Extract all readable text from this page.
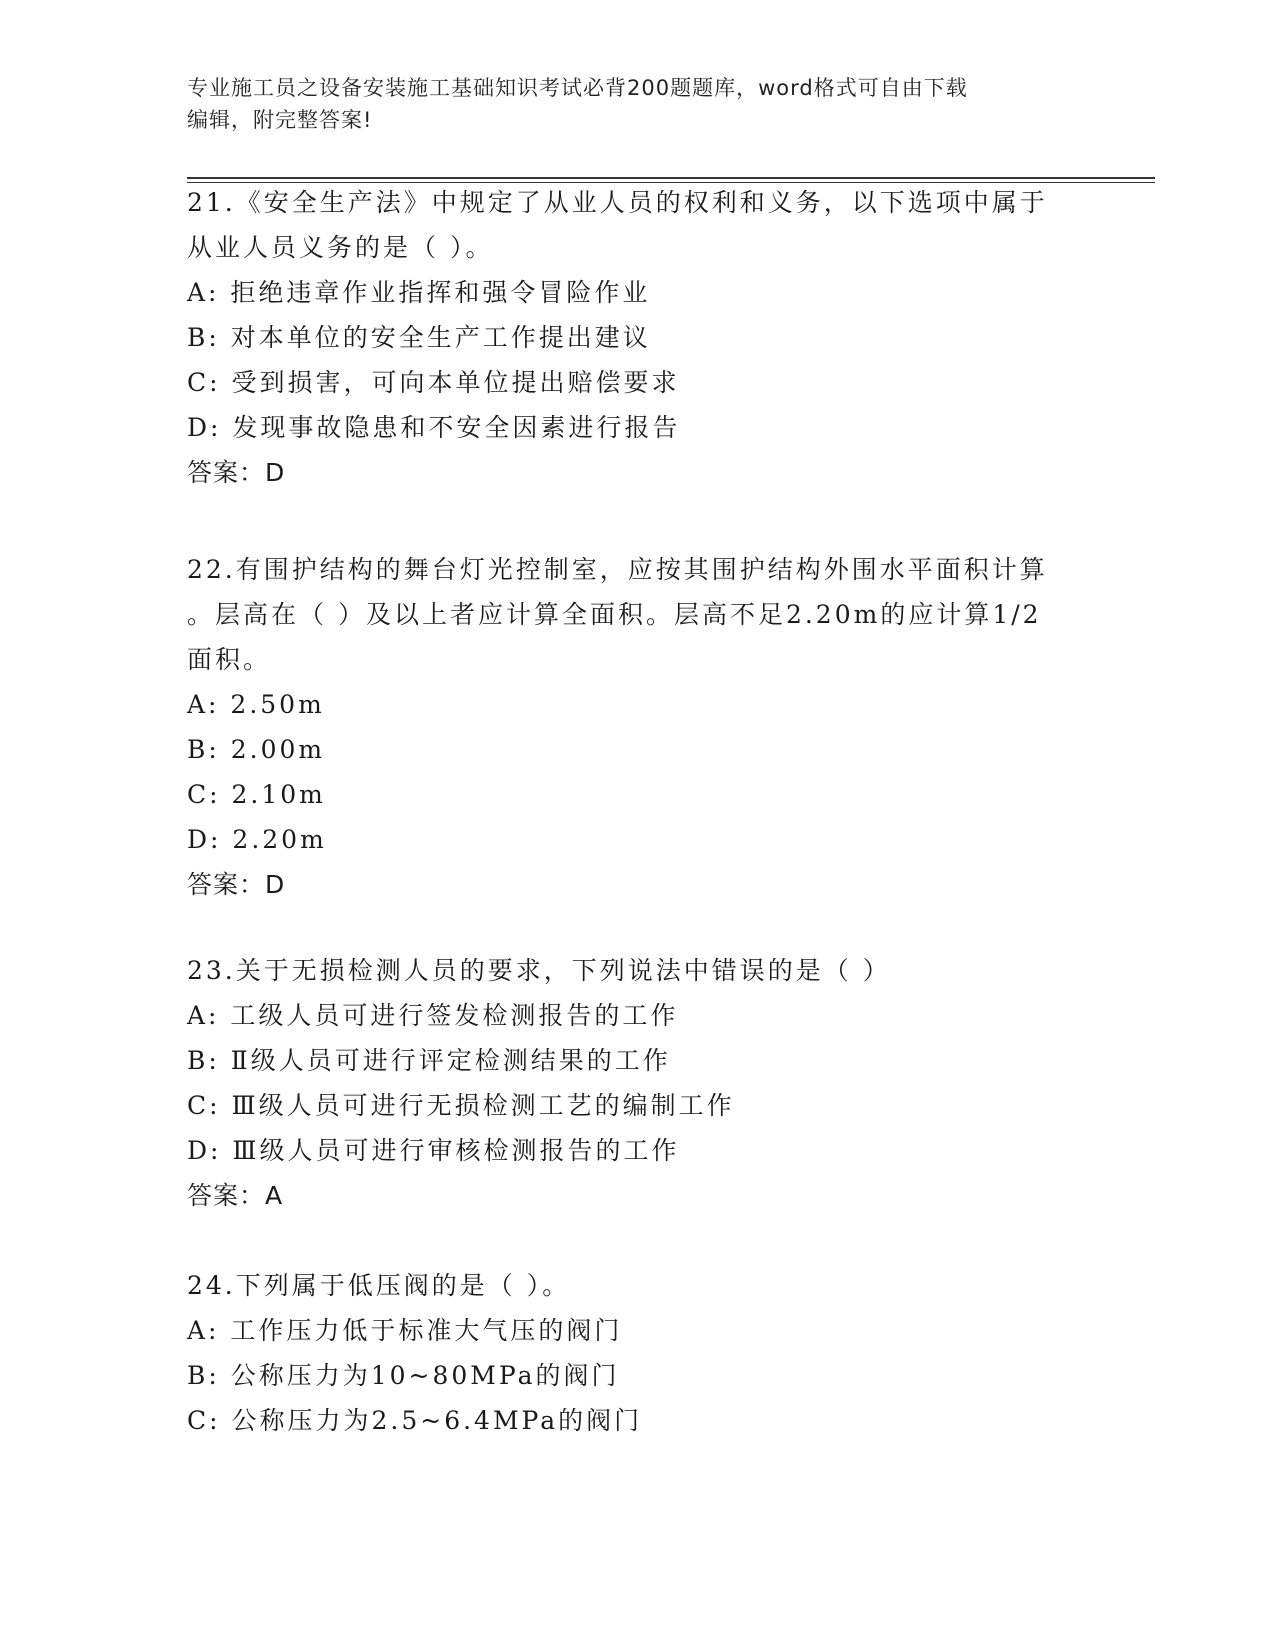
专业施工员之设备安装施工基础知识考试必背200题题库，word格式可自由下载
编辑，附完整答案!

21.《安全生产法》中规定了从业人员的权利和义务，以下选项中属于

从业人员义务的是（ ）。

A: 拒绝违章作业指挥和强令冒险作业

B: 对本单位的安全生产工作提出建议

C: 受到损害，可向本单位提出赔偿要求

D: 发现事故隐患和不安全因素进行报告

答案：D

22.有围护结构的舞台灯光控制室，应按其围护结构外围水平面积计算

。层高在（ ）及以上者应计算全面积。层高不足2.20m的应计算1/2

面积。

A: 2.50m

B: 2.00m

C: 2.10m

D: 2.20m

答案：D

23.关于无损检测人员的要求，下列说法中错误的是（ ）

A: 工级人员可进行签发检测报告的工作

B: Ⅱ级人员可进行评定检测结果的工作

C: Ⅲ级人员可进行无损检测工艺的编制工作

D: Ⅲ级人员可进行审核检测报告的工作

答案：A

24.下列属于低压阀的是（ ）。

A: 工作压力低于标准大气压的阀门

B: 公称压力为10~80MPa的阀门

C: 公称压力为2.5~6.4MPa的阀门
